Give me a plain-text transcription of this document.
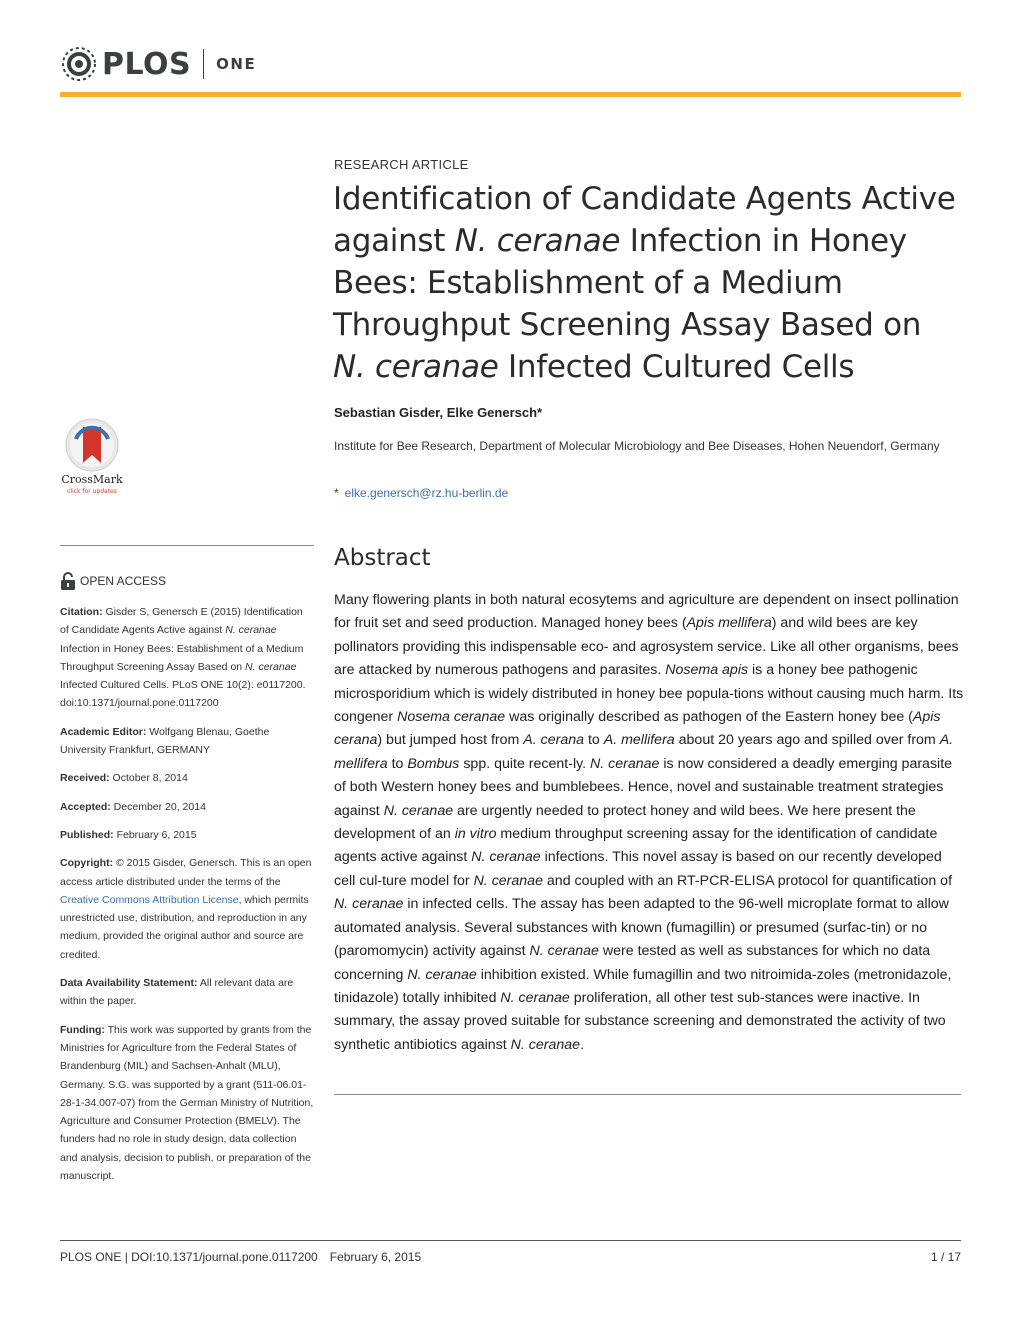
PLOS ONE
RESEARCH ARTICLE
Identification of Candidate Agents Active against N. ceranae Infection in Honey Bees: Establishment of a Medium Throughput Screening Assay Based on N. ceranae Infected Cultured Cells
Sebastian Gisder, Elke Genersch*
Institute for Bee Research, Department of Molecular Microbiology and Bee Diseases, Hohen Neuendorf, Germany
* elke.genersch@rz.hu-berlin.de
CrossMark
click for updates
OPEN ACCESS

Citation: Gisder S, Genersch E (2015) Identification of Candidate Agents Active against N. ceranae Infection in Honey Bees: Establishment of a Medium Throughput Screening Assay Based on N. ceranae Infected Cultured Cells. PLoS ONE 10(2): e0117200. doi:10.1371/journal.pone.0117200

Academic Editor: Wolfgang Blenau, Goethe University Frankfurt, GERMANY

Received: October 8, 2014

Accepted: December 20, 2014

Published: February 6, 2015

Copyright: © 2015 Gisder, Genersch. This is an open access article distributed under the terms of the Creative Commons Attribution License, which permits unrestricted use, distribution, and reproduction in any medium, provided the original author and source are credited.

Data Availability Statement: All relevant data are within the paper.

Funding: This work was supported by grants from the Ministries for Agriculture from the Federal States of Brandenburg (MIL) and Sachsen-Anhalt (MLU), Germany. S.G. was supported by a grant (511-06.01-28-1-34.007-07) from the German Ministry of Nutrition, Agriculture and Consumer Protection (BMELV). The funders had no role in study design, data collection and analysis, decision to publish, or preparation of the manuscript.

Abstract
Many flowering plants in both natural ecosytems and agriculture are dependent on insect pollination for fruit set and seed production. Managed honey bees (Apis mellifera) and wild bees are key pollinators providing this indispensable eco- and agrosystem service. Like all other organisms, bees are attacked by numerous pathogens and parasites. Nosema apis is a honey bee pathogenic microsporidium which is widely distributed in honey bee popula-tions without causing much harm. Its congener Nosema ceranae was originally described as pathogen of the Eastern honey bee (Apis cerana) but jumped host from A. cerana to A. mellifera about 20 years ago and spilled over from A. mellifera to Bombus spp. quite recent-ly. N. ceranae is now considered a deadly emerging parasite of both Western honey bees and bumblebees. Hence, novel and sustainable treatment strategies against N. ceranae are urgently needed to protect honey and wild bees. We here present the development of an in vitro medium throughput screening assay for the identification of candidate agents active against N. ceranae infections. This novel assay is based on our recently developed cell cul-ture model for N. ceranae and coupled with an RT-PCR-ELISA protocol for quantification of N. ceranae in infected cells. The assay has been adapted to the 96-well microplate format to allow automated analysis. Several substances with known (fumagillin) or presumed (surfac-tin) or no (paromomycin) activity against N. ceranae were tested as well as substances for which no data concerning N. ceranae inhibition existed. While fumagillin and two nitroimida-zoles (metronidazole, tinidazole) totally inhibited N. ceranae proliferation, all other test sub-stances were inactive. In summary, the assay proved suitable for substance screening and demonstrated the activity of two synthetic antibiotics against N. ceranae.
PLOS ONE | DOI:10.1371/journal.pone.0117200 February 6, 2015	1 / 17
